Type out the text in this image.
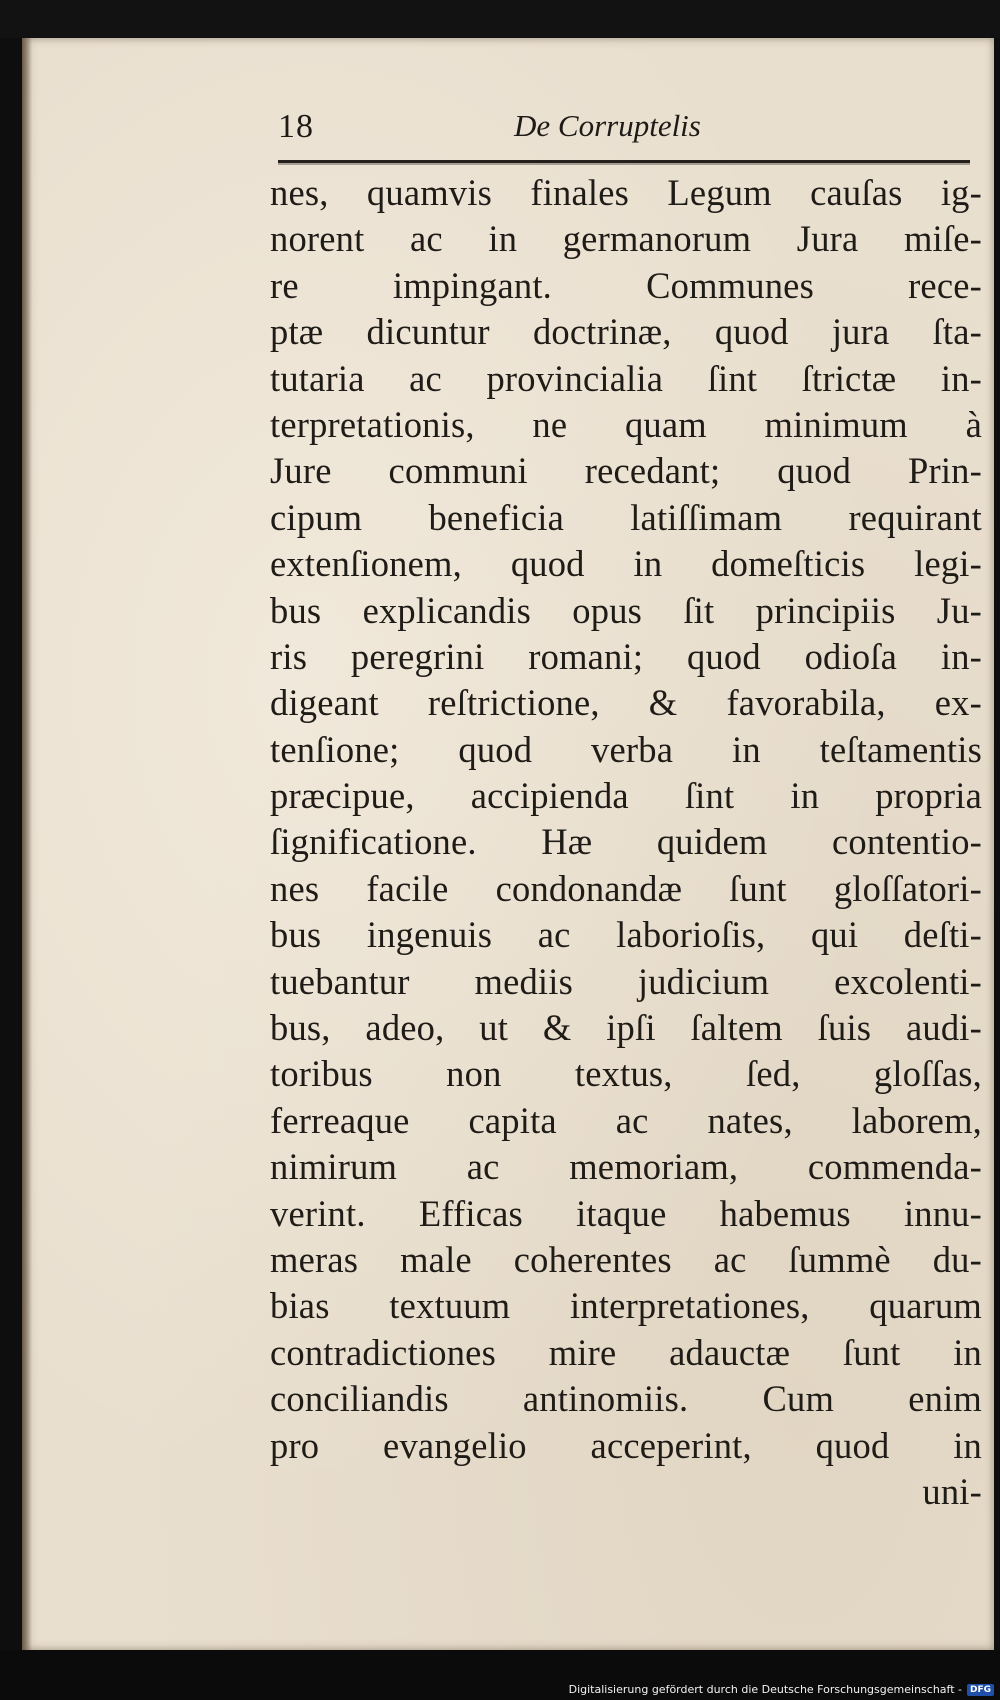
18	De Corruptelis
nes, quamvis finales Legum cauſas ig-
norent ac in germanorum Jura miſe-
re impingant. Communes rece-
ptæ dicuntur doctrinæ, quod jura ſta-
tutaria ac provincialia ſint ſtrictæ in-
terpretationis, ne quam minimum à
Jure communi recedant; quod Prin-
cipum beneficia latiſſimam requirant
extenſionem, quod in domeſticis legi-
bus explicandis opus ſit principiis Ju-
ris peregrini romani; quod odioſa in-
digeant reſtrictione, & favorabila, ex-
tenſione; quod verba in teſtamentis
præcipue, accipienda ſint in propria
ſignificatione. Hæ quidem contentio-
nes facile condonandæ ſunt gloſſatori-
bus ingenuis ac laborioſis, qui deſti-
tuebantur mediis judicium excolenti-
bus, adeo, ut & ipſi ſaltem ſuis audi-
toribus non textus, ſed, gloſſas,
ferreaque capita ac nates, laborem,
nimirum ac memoriam, commenda-
verint. Efficas itaque habemus innu-
meras male coherentes ac ſummè du-
bias textuum interpretationes, quarum
contradictiones mire adauctæ ſunt in
conciliandis antinomiis. Cum enim
pro evangelio acceperint, quod in
uni-
Digitalisierung gefördert durch die Deutsche Forschungsgemeinschaft - DFG
